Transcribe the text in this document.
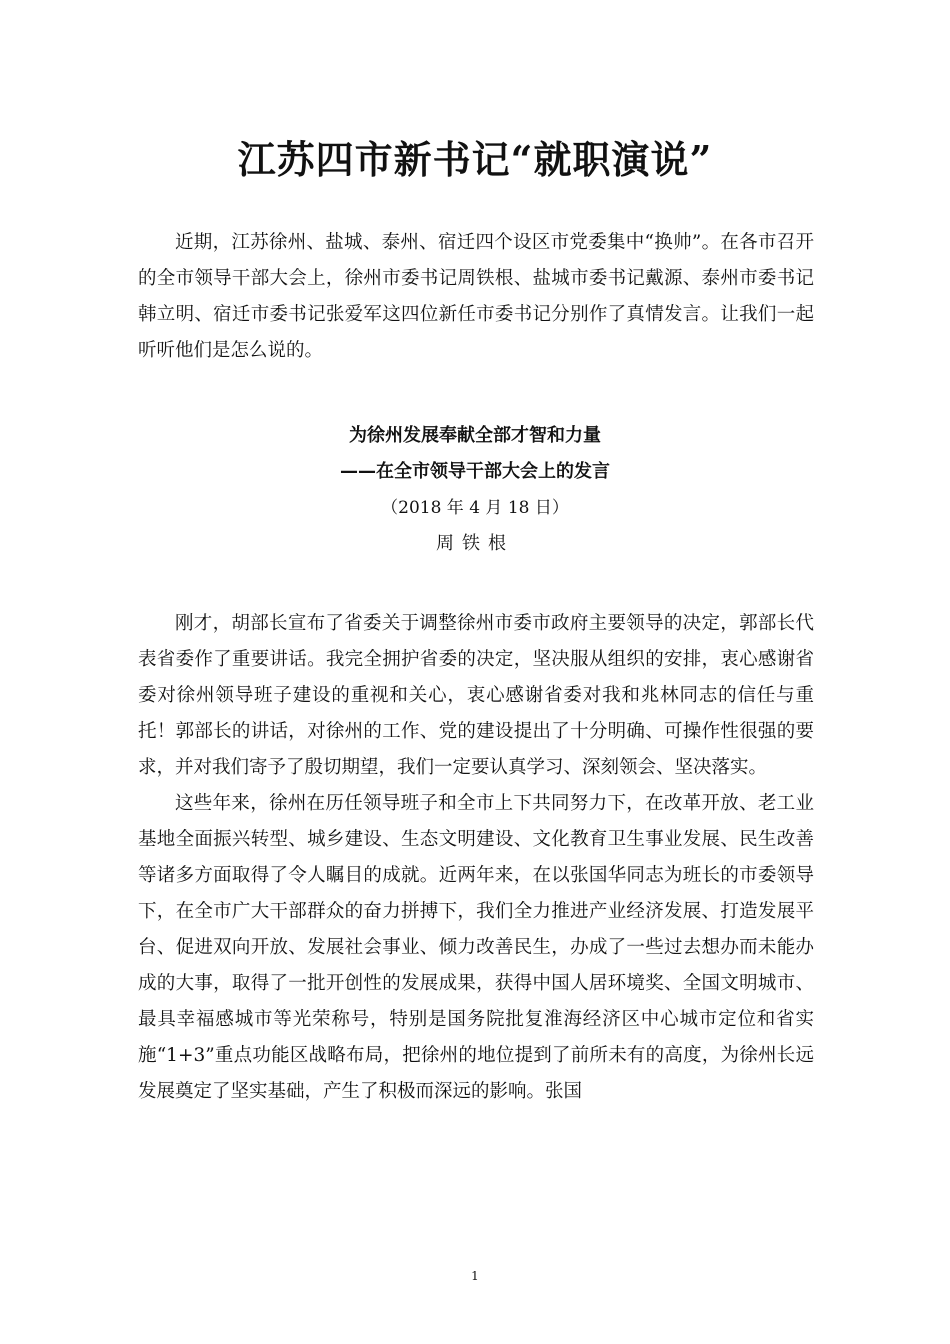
江苏四市新书记“就职演说”

近期，江苏徐州、盐城、泰州、宿迁四个设区市党委集中“换帅”。在各市召开的全市领导干部大会上，徐州市委书记周铁根、盐城市委书记戴源、泰州市委书记韩立明、宿迁市委书记张爱军这四位新任市委书记分别作了真情发言。让我们一起听听他们是怎么说的。

为徐州发展奉献全部才智和力量

——在全市领导干部大会上的发言

（2018 年 4 月 18 日）

周铁根

刚才，胡部长宣布了省委关于调整徐州市委市政府主要领导的决定，郭部长代表省委作了重要讲话。我完全拥护省委的决定，坚决服从组织的安排，衷心感谢省委对徐州领导班子建设的重视和关心，衷心感谢省委对我和兆林同志的信任与重托！郭部长的讲话，对徐州的工作、党的建设提出了十分明确、可操作性很强的要求，并对我们寄予了殷切期望，我们一定要认真学习、深刻领会、坚决落实。

这些年来，徐州在历任领导班子和全市上下共同努力下，在改革开放、老工业基地全面振兴转型、城乡建设、生态文明建设、文化教育卫生事业发展、民生改善等诸多方面取得了令人瞩目的成就。近两年来，在以张国华同志为班长的市委领导下，在全市广大干部群众的奋力拼搏下，我们全力推进产业经济发展、打造发展平台、促进双向开放、发展社会事业、倾力改善民生，办成了一些过去想办而未能办成的大事，取得了一批开创性的发展成果，获得中国人居环境奖、全国文明城市、最具幸福感城市等光荣称号，特别是国务院批复淮海经济区中心城市定位和省实施“1+3”重点功能区战略布局，把徐州的地位提到了前所未有的高度，为徐州长远发展奠定了坚实基础，产生了积极而深远的影响。张国

1
